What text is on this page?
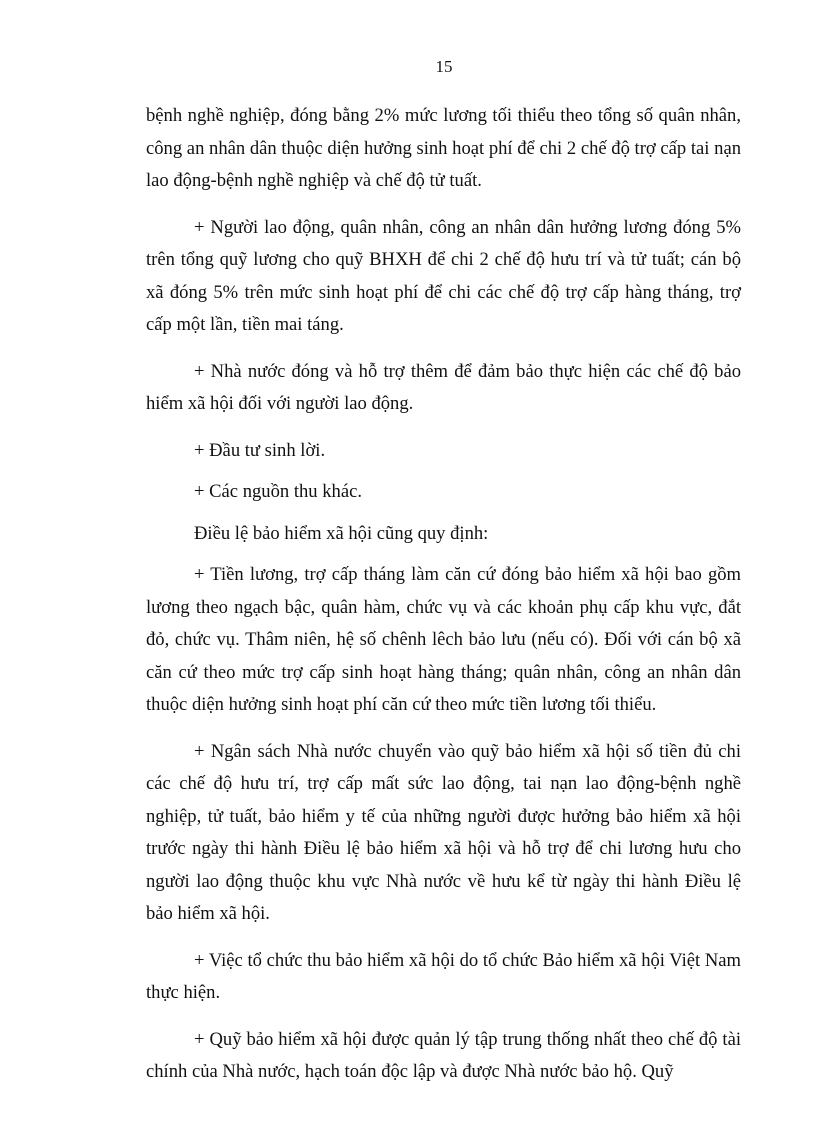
15

bệnh nghề nghiệp, đóng bằng 2% mức lương tối thiểu theo tổng số quân nhân, công an nhân dân thuộc diện hưởng sinh hoạt phí để chi 2 chế độ trợ cấp tai nạn lao động-bệnh nghề nghiệp và chế độ tử tuất.

+ Người lao động, quân nhân, công an nhân dân hưởng lương đóng 5% trên tổng quỹ lương cho quỹ BHXH để chi 2 chế độ hưu trí và tử tuất; cán bộ xã đóng 5% trên mức sinh hoạt phí để chi các chế độ trợ cấp hàng tháng, trợ cấp một lần, tiền mai táng.

+ Nhà nước đóng và hỗ trợ thêm để đảm bảo thực hiện các chế độ bảo hiểm xã hội đối với người lao động.

+ Đầu tư sinh lời.

+ Các nguồn thu khác.

Điều lệ bảo hiểm xã hội cũng quy định:

+ Tiền lương, trợ cấp tháng làm căn cứ đóng bảo hiểm xã hội bao gồm lương theo ngạch bậc, quân hàm, chức vụ và các khoản phụ cấp khu vực, đắt đỏ, chức vụ. Thâm niên, hệ số chênh lêch bảo lưu (nếu có). Đối với cán bộ xã căn cứ theo mức trợ cấp sinh hoạt hàng tháng; quân nhân, công an nhân dân thuộc diện hưởng sinh hoạt phí căn cứ theo mức tiền lương tối thiểu.

+ Ngân sách Nhà nước chuyển vào quỹ bảo hiểm xã hội số tiền đủ chi các chế độ hưu trí, trợ cấp mất sức lao động, tai nạn lao động-bệnh nghề nghiệp, tử tuất, bảo hiểm y tế của những người được hưởng bảo hiểm xã hội trước ngày thi hành Điều lệ bảo hiểm xã hội và hỗ trợ để chi lương hưu cho người lao động thuộc khu vực Nhà nước về hưu kể từ ngày thi hành Điều lệ bảo hiểm xã hội.

+ Việc tổ chức thu bảo hiểm xã hội do tổ chức Bảo hiểm xã hội Việt Nam thực hiện.

+ Quỹ bảo hiểm xã hội được quản lý tập trung thống nhất theo chế độ tài chính của Nhà nước, hạch toán độc lập và được Nhà nước bảo hộ. Quỹ
